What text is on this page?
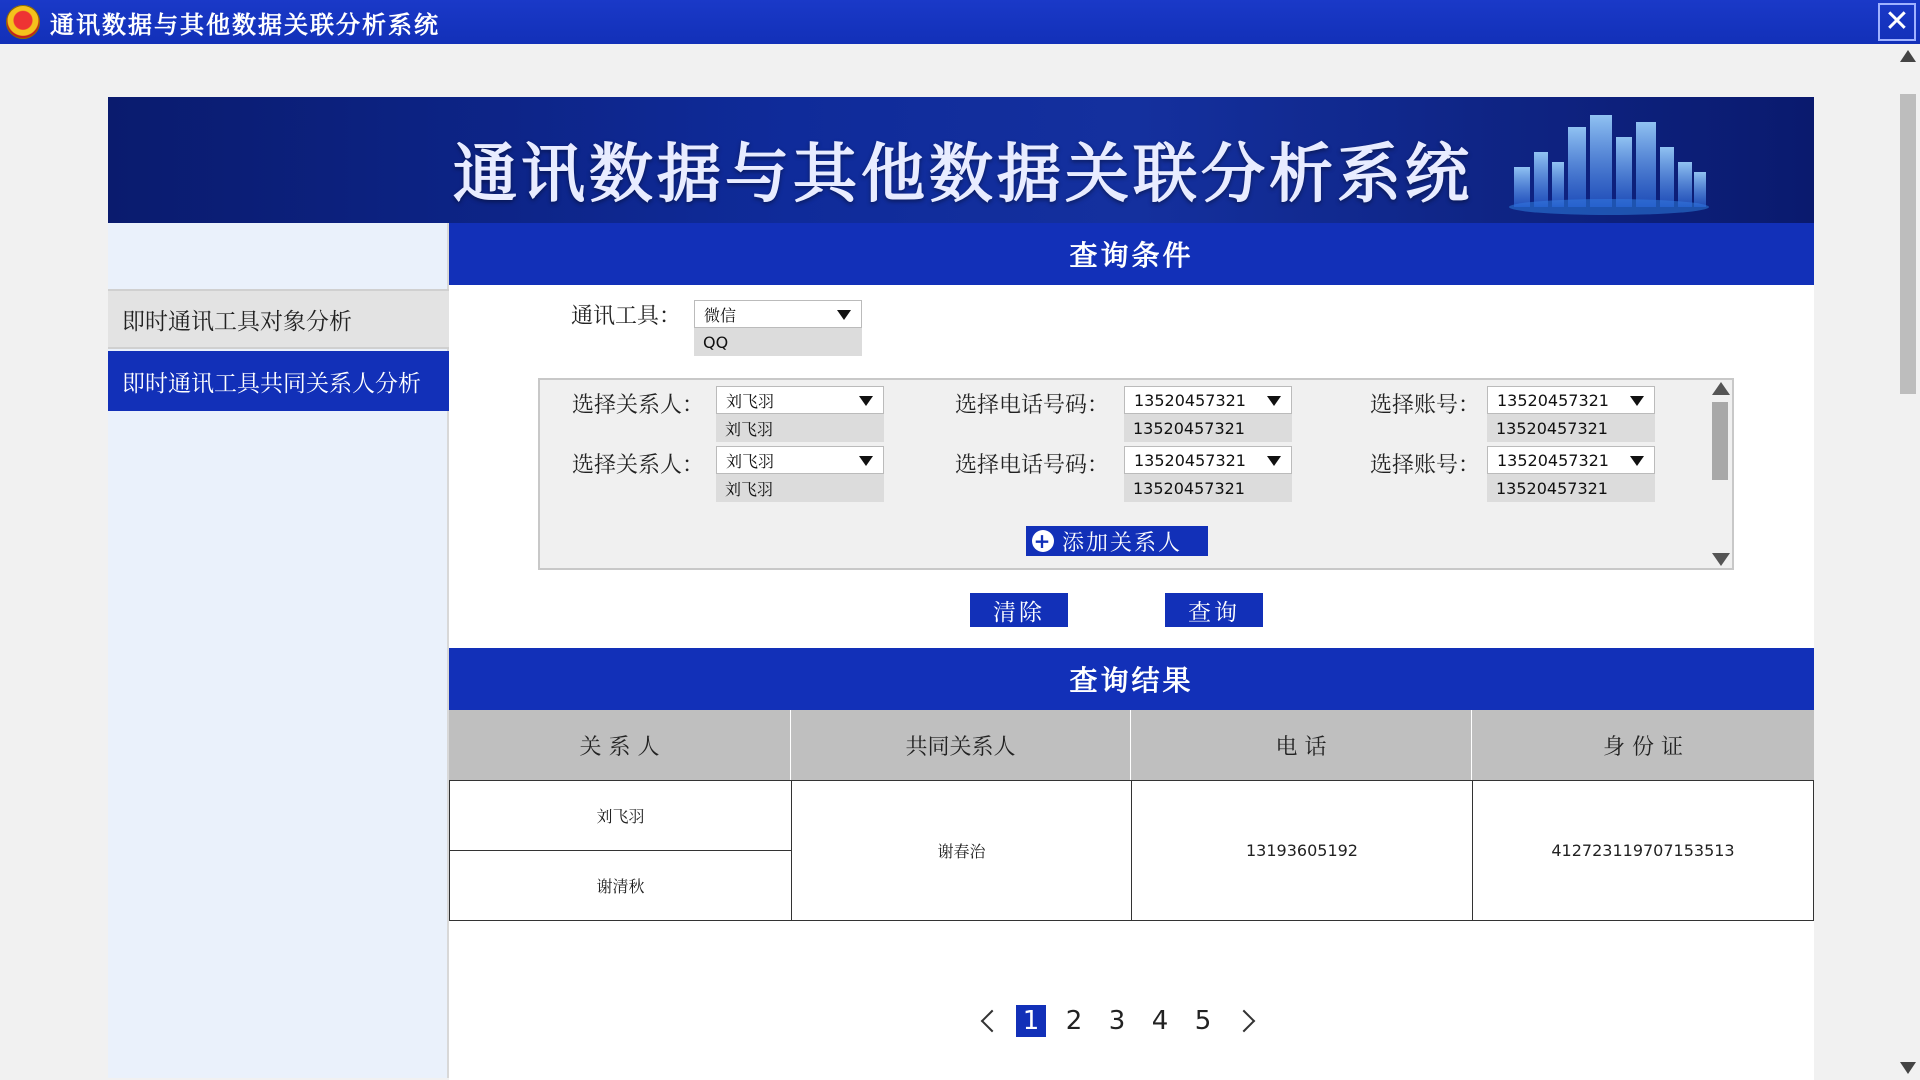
通讯数据与其他数据关联分析系统	✕
通讯数据与其他数据关联分析系统
即时通讯工具对象分析
即时通讯工具共同关系人分析
查询条件
通讯工具： 微信
QQ
选择关系人： 刘飞羽
刘飞羽
选择电话号码： 13520457321
13520457321
选择账号： 13520457321
13520457321
选择关系人： 刘飞羽
刘飞羽
选择电话号码： 13520457321
13520457321
选择账号： 13520457321
13520457321
+ 添加关系人
清除	查询
查询结果
关 系 人	共同关系人	电 话	身 份 证
刘飞羽
谢清秋
谢春治	13193605192	412723119707153513
1 2 3 4 5
